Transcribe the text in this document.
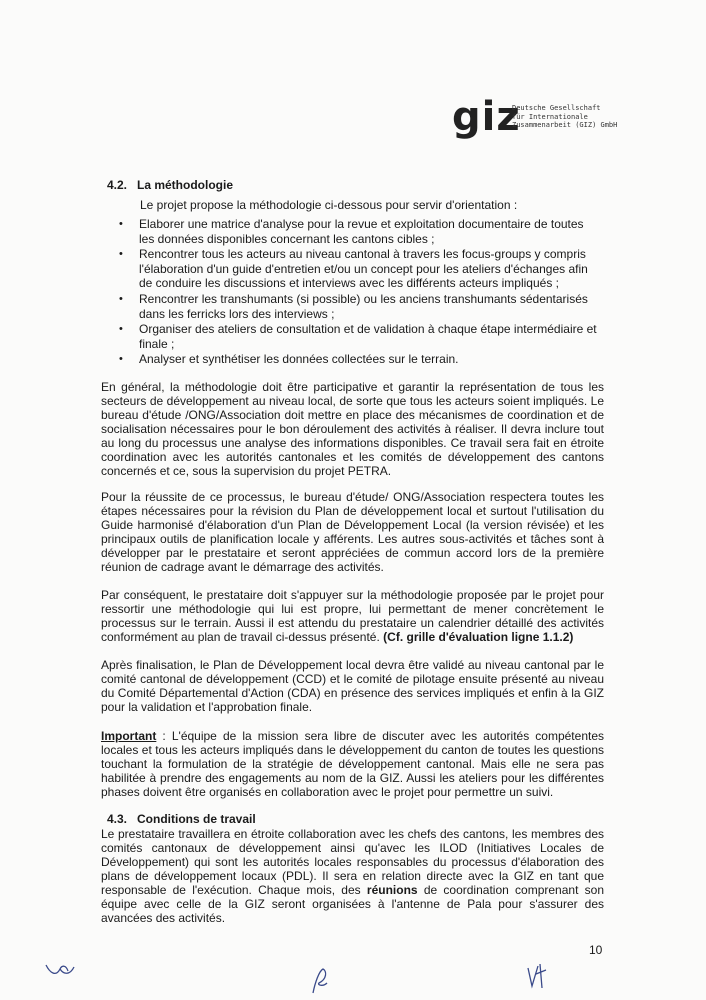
giz
Deutsche Gesellschaft
für Internationale
Zusammenarbeit (GIZ) GmbH
4.2. La méthodologie
Le projet propose la méthodologie ci-dessous pour servir d'orientation :
• Elaborer une matrice d'analyse pour la revue et exploitation documentaire de toutes les données disponibles concernant les cantons cibles ;
• Rencontrer tous les acteurs au niveau cantonal à travers les focus-groups y compris l'élaboration d'un guide d'entretien et/ou un concept pour les ateliers d'échanges afin de conduire les discussions et interviews avec les différents acteurs impliqués ;
• Rencontrer les transhumants (si possible) ou les anciens transhumants sédentarisés dans les ferricks lors des interviews ;
• Organiser des ateliers de consultation et de validation à chaque étape intermédiaire et finale ;
• Analyser et synthétiser les données collectées sur le terrain.
En général, la méthodologie doit être participative et garantir la représentation de tous les secteurs de développement au niveau local, de sorte que tous les acteurs soient impliqués. Le bureau d'étude /ONG/Association doit mettre en place des mécanismes de coordination et de socialisation nécessaires pour le bon déroulement des activités à réaliser. Il devra inclure tout au long du processus une analyse des informations disponibles. Ce travail sera fait en étroite coordination avec les autorités cantonales et les comités de développement des cantons concernés et ce, sous la supervision du projet PETRA.
Pour la réussite de ce processus, le bureau d'étude/ ONG/Association respectera toutes les étapes nécessaires pour la révision du Plan de développement local et surtout l'utilisation du Guide harmonisé d'élaboration d'un Plan de Développement Local (la version révisée) et les principaux outils de planification locale y afférents. Les autres sous-activités et tâches sont à développer par le prestataire et seront appréciées de commun accord lors de la première réunion de cadrage avant le démarrage des activités.
Par conséquent, le prestataire doit s'appuyer sur la méthodologie proposée par le projet pour ressortir une méthodologie qui lui est propre, lui permettant de mener concrètement le processus sur le terrain. Aussi il est attendu du prestataire un calendrier détaillé des activités conformément au plan de travail ci-dessus présenté. (Cf. grille d'évaluation ligne 1.1.2)
Après finalisation, le Plan de Développement local devra être validé au niveau cantonal par le comité cantonal de développement (CCD) et le comité de pilotage ensuite présenté au niveau du Comité Départemental d'Action (CDA) en présence des services impliqués et enfin à la GIZ pour la validation et l'approbation finale.
Important : L'équipe de la mission sera libre de discuter avec les autorités compétentes locales et tous les acteurs impliqués dans le développement du canton de toutes les questions touchant la formulation de la stratégie de développement cantonal. Mais elle ne sera pas habilitée à prendre des engagements au nom de la GIZ. Aussi les ateliers pour les différentes phases doivent être organisés en collaboration avec le projet pour permettre un suivi.
4.3. Conditions de travail
Le prestataire travaillera en étroite collaboration avec les chefs des cantons, les membres des comités cantonaux de développement ainsi qu'avec les ILOD (Initiatives Locales de Développement) qui sont les autorités locales responsables du processus d'élaboration des plans de développement locaux (PDL). Il sera en relation directe avec la GIZ en tant que responsable de l'exécution. Chaque mois, des réunions de coordination comprenant son équipe avec celle de la GIZ seront organisées à l'antenne de Pala pour s'assurer des avancées des activités.
10
